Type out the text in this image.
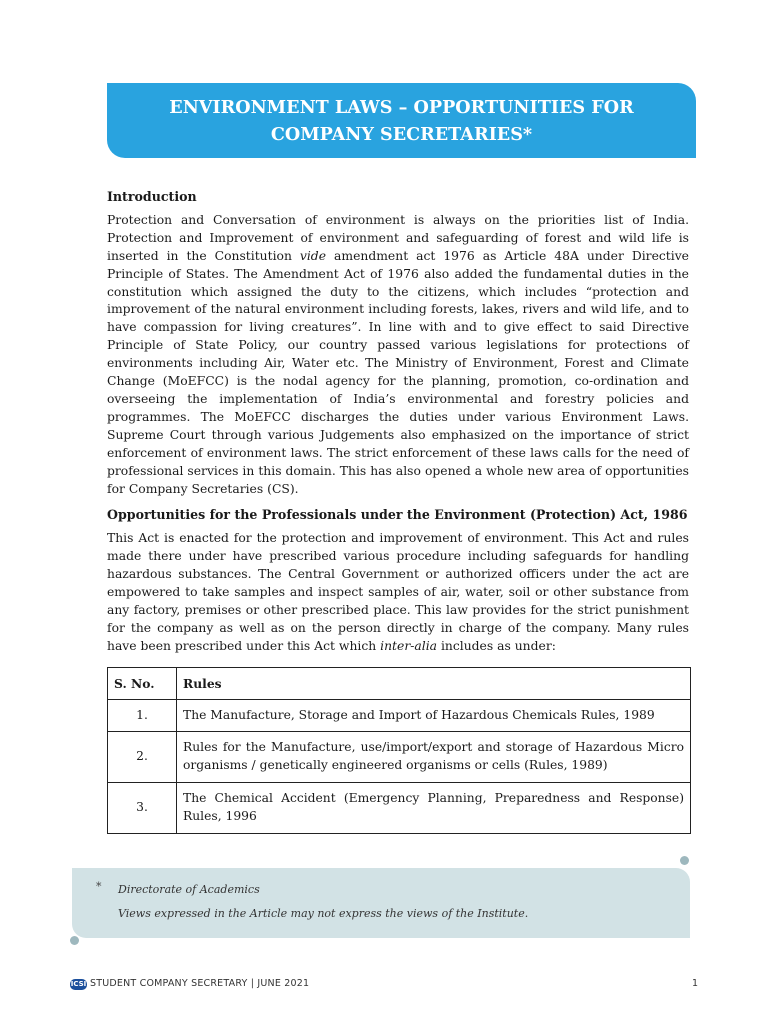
ENVIRONMENT LAWS – OPPORTUNITIES FOR
COMPANY SECRETARIES*
Introduction
Protection and Conversation of environment is always on the priorities list of India. Protection and Improvement of environment and safeguarding of forest and wild life is inserted in the Constitution vide amendment act 1976 as Article 48A under Directive Principle of States. The Amendment Act of 1976 also added the fundamental duties in the constitution which assigned the duty to the citizens, which includes “protection and improvement of the natural environment including forests, lakes, rivers and wild life, and to have compassion for living creatures”. In line with and to give effect to said Directive Principle of State Policy, our country passed various legislations for protections of environments including Air, Water etc. The Ministry of Environment, Forest and Climate Change (MoEFCC) is the nodal agency for the planning, promotion, co-ordination and overseeing the implementation of India’s environmental and forestry policies and programmes. The MoEFCC discharges the duties under various Environment Laws. Supreme Court through various Judgements also emphasized on the importance of strict enforcement of environment laws. The strict enforcement of these laws calls for the need of professional services in this domain. This has also opened a whole new area of opportunities for Company Secretaries (CS).
Opportunities for the Professionals under the Environment (Protection) Act, 1986
This Act is enacted for the protection and improvement of environment. This Act and rules made there under have prescribed various procedure including safeguards for handling hazardous substances. The Central Government or authorized officers under the act are empowered to take samples and inspect samples of air, water, soil or other substance from any factory, premises or other prescribed place. This law provides for the strict punishment for the company as well as on the person directly in charge of the company. Many rules have been prescribed under this Act which inter-alia includes as under:
S. No.	Rules
1.	The Manufacture, Storage and Import of Hazardous Chemicals Rules, 1989
2.	Rules for the Manufacture, use/import/export and storage of Hazardous Micro organisms / genetically engineered organisms or cells (Rules, 1989)
3.	The Chemical Accident (Emergency Planning, Preparedness and Response) Rules, 1996
* Directorate of Academics
Views expressed in the Article may not express the views of the Institute.
ICSI STUDENT COMPANY SECRETARY | JUNE 2021	1
